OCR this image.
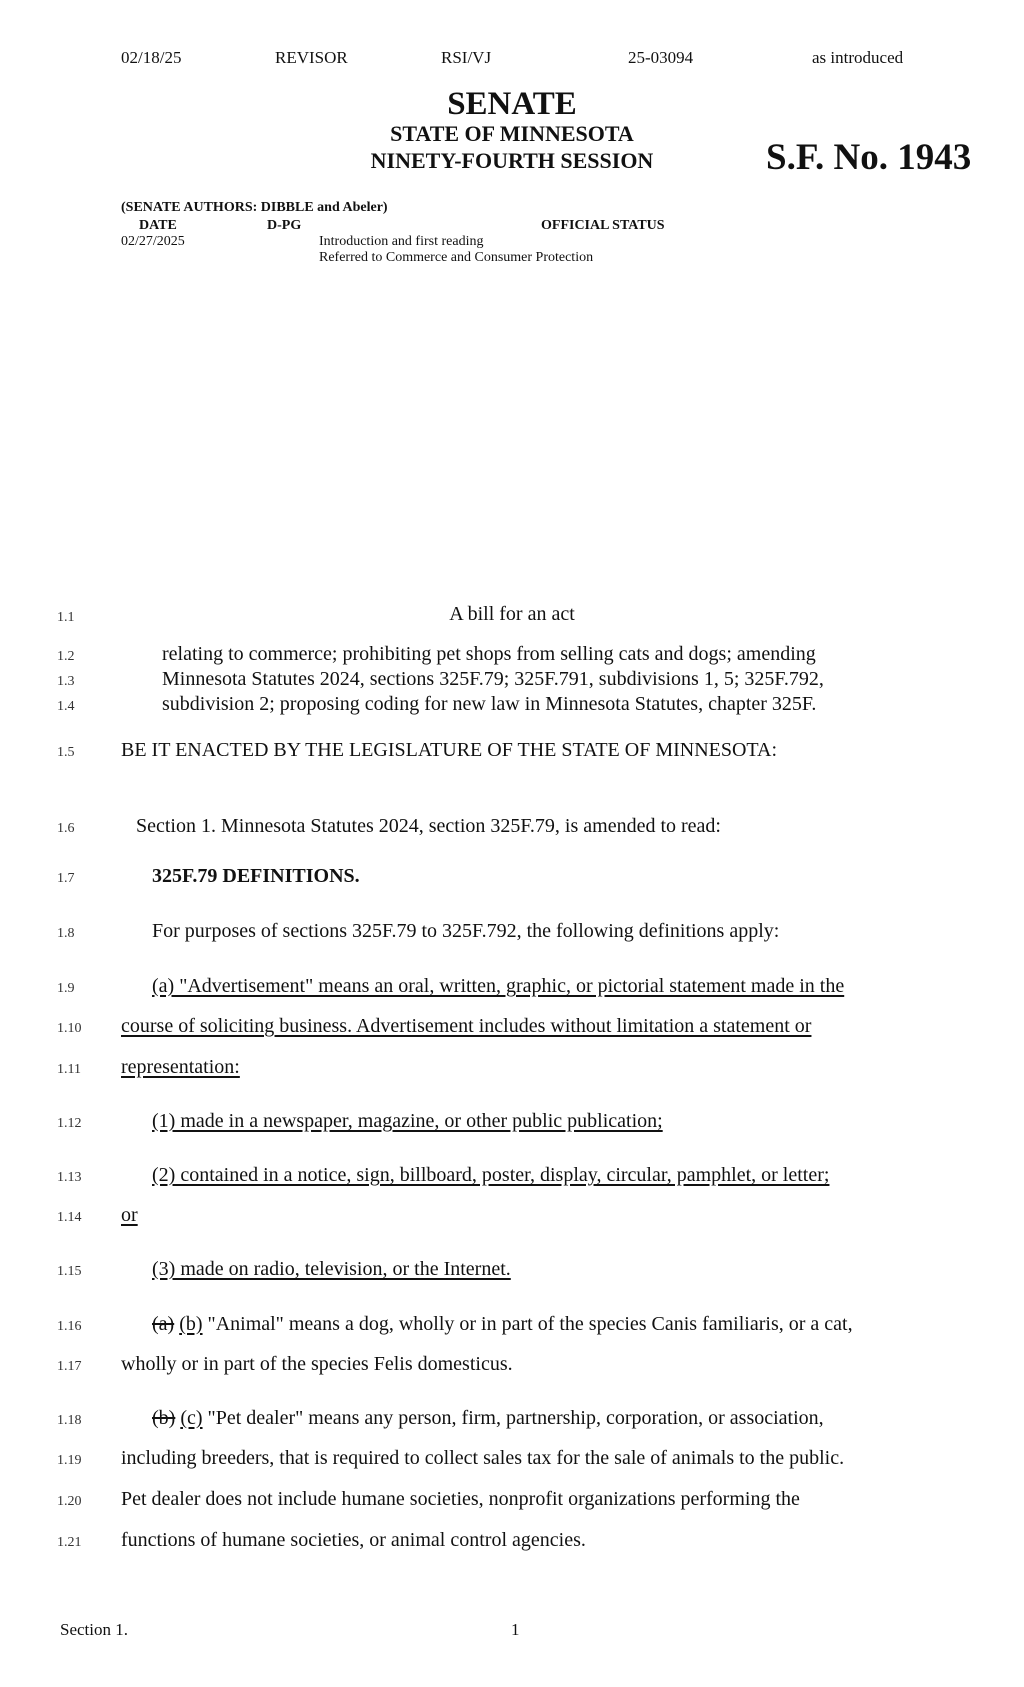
02/18/25	REVISOR	RSI/VJ	25-03094	as introduced
SENATE
STATE OF MINNESOTA
NINETY-FOURTH SESSION	S.F. No. 1943
(SENATE AUTHORS: DIBBLE and Abeler)
DATE	D-PG	OFFICIAL STATUS
02/27/2025	Introduction and first reading
Referred to Commerce and Consumer Protection
1.1	A bill for an act
1.2	relating to commerce; prohibiting pet shops from selling cats and dogs; amending
1.3	Minnesota Statutes 2024, sections 325F.79; 325F.791, subdivisions 1, 5; 325F.792,
1.4	subdivision 2; proposing coding for new law in Minnesota Statutes, chapter 325F.
1.5 BE IT ENACTED BY THE LEGISLATURE OF THE STATE OF MINNESOTA:
1.6	Section 1. Minnesota Statutes 2024, section 325F.79, is amended to read:
1.7	325F.79 DEFINITIONS.
1.8	For purposes of sections 325F.79 to 325F.792, the following definitions apply:
1.9	(a) "Advertisement" means an oral, written, graphic, or pictorial statement made in the
1.10 course of soliciting business. Advertisement includes without limitation a statement or
1.11 representation:
1.12	(1) made in a newspaper, magazine, or other public publication;
1.13	(2) contained in a notice, sign, billboard, poster, display, circular, pamphlet, or letter;
1.14 or
1.15	(3) made on radio, television, or the Internet.
1.16	(a) (b) "Animal" means a dog, wholly or in part of the species Canis familiaris, or a cat,
1.17 wholly or in part of the species Felis domesticus.
1.18	(b) (c) "Pet dealer" means any person, firm, partnership, corporation, or association,
1.19 including breeders, that is required to collect sales tax for the sale of animals to the public.
1.20 Pet dealer does not include humane societies, nonprofit organizations performing the
1.21 functions of humane societies, or animal control agencies.
Section 1.	1
